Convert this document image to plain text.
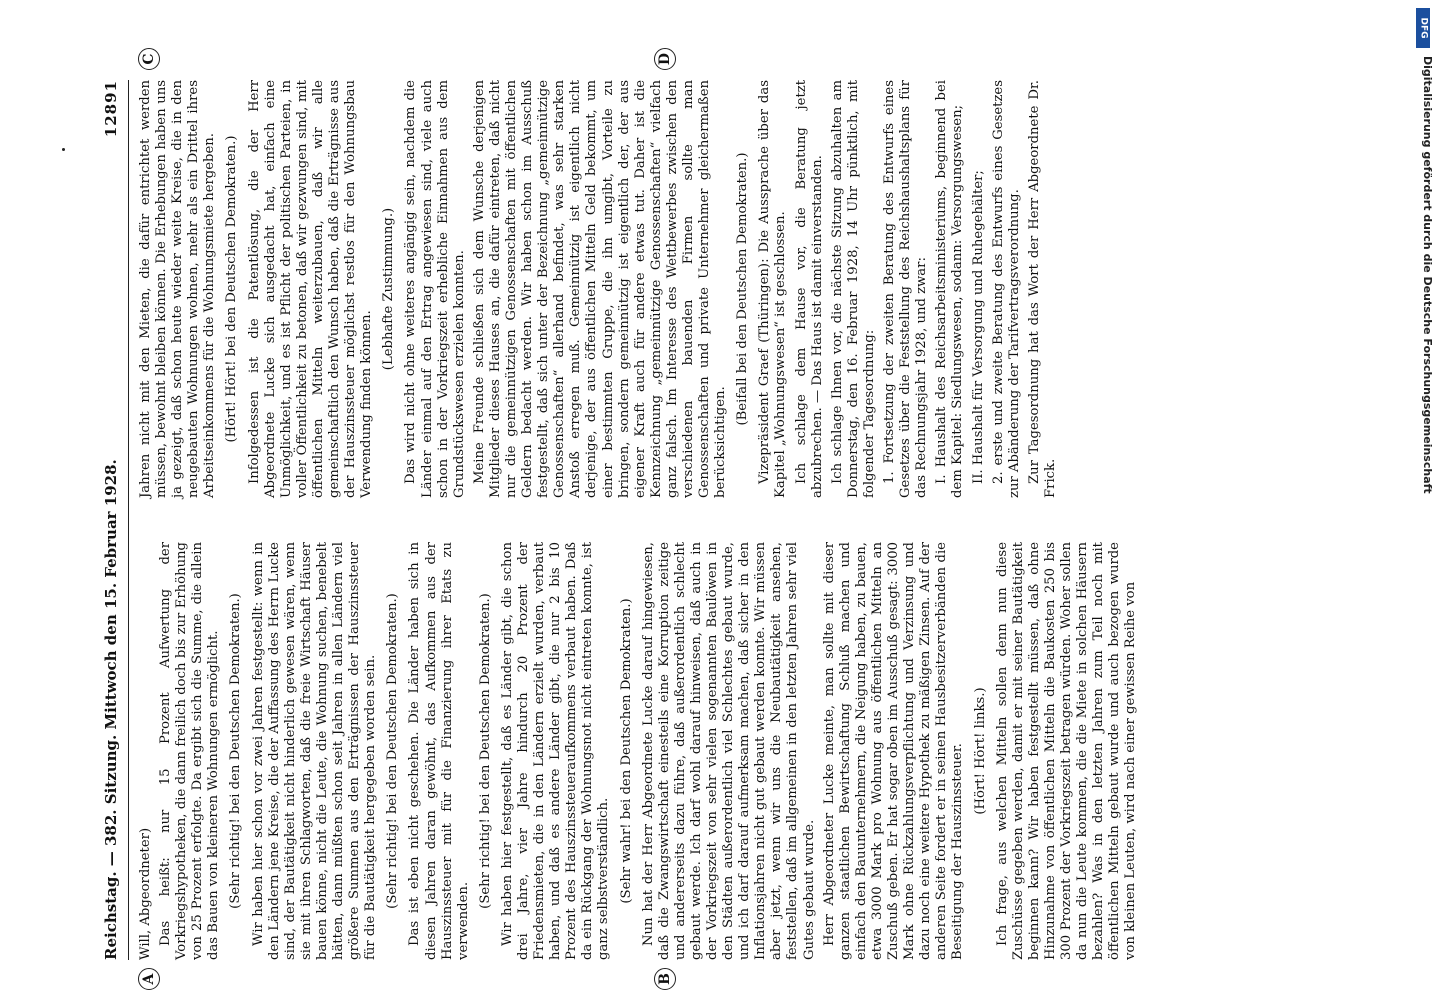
Reichstag. — 382. Sitzung. Mittwoch den 15. Februar 1928.
12891

Will, Abgeordneter) Das heißt: nur 15 Prozent Aufwertung der Vorkriegshypotheken, die dann freilich doch bis zur Erhöhung von 25 Prozent erfolgte. Da ergibt sich die Summe, die allein das Bauen von kleineren Wohnungen ermöglicht. (Sehr richtig! bei den Deutschen Demokraten.) Wir haben hier schon vor zwei Jahren festgestellt: wenn in den Ländern jene Kreise, die der Auffassung des Herrn Lucke sind, der Bautätigkeit nicht hinderlich gewesen wären, wenn sie mit ihren Schlagworten, daß die freie Wirtschaft Häuser bauen könne, nicht die Leute, die Wohnung suchen, benebelt hätten, dann müßten schon seit Jahren in allen Ländern viel größere Summen aus den Erträgnissen der Hauszinssteuer für die Bautätigkeit hergegeben worden sein. (Sehr richtig! bei den Deutschen Demokraten.) Das ist eben nicht geschehen. Die Länder haben sich in diesen Jahren daran gewöhnt, das Aufkommen aus der Hauszinssteuer mit für die Finanzierung ihrer Etats zu verwenden.

(Sehr richtig! bei den Deutschen Demokraten.) Wir haben hier festgestellt, daß es Länder gibt, die schon drei Jahre, vier Jahre hindurch 20 Prozent der Friedensmieten, die in den Ländern erzielt wurden, verbaut haben, und daß es andere Länder gibt, die nur 2 bis 10 Prozent des Hauszinssteueraufkommens verbaut haben. Daß da ein Rückgang der Wohnungsnot nicht eintreten konnte, ist ganz selbstverständlich. (Sehr wahr! bei den Deutschen Demokraten.) Nun hat der Herr Abgeordnete Lucke darauf hingewiesen, daß die Zwangswirtschaft einesteils eine Korruption zeitige und andererseits dazu führe, daß außerordentlich schlecht gebaut werde. Ich darf wohl darauf hinweisen, daß auch in der Vorkriegszeit von sehr vielen sogenannten Baulöwen in den Städten außerordentlich viel Schlechtes gebaut wurde, und ich darf darauf aufmerksam machen, daß sicher in den Inflationsjahren nicht gut gebaut werden konnte. Wir müssen aber jetzt, wenn wir uns die Neubautätigkeit ansehen, feststellen, daß im allgemeinen in den letzten Jahren sehr viel Gutes gebaut wurde. Herr Abgeordneter Lucke meinte, man sollte mit dieser ganzen staatlichen Bewirtschaftung Schluß machen und einfach den Bauunternehmern, die Neigung haben, zu bauen, etwa 3000 Mark pro Wohnung aus öffentlichen Mitteln an Zuschuß geben. Er hat sogar oben im Ausschuß gesagt: 3000 Mark ohne Rückzahlungsverpflichtung und Verzinsung und dazu noch eine weitere Hypothek zu mäßigen Zinsen. Auf der anderen Seite fordert er in seinen Hausbesitzerverbänden die Beseitigung der Hauszinssteuer. (Hört! Hört! links.) Ich frage, aus welchen Mitteln sollen denn nun diese Zuschüsse gegeben werden, damit er mit seiner Bautätigkeit beginnen kann? Wir haben festgestellt müssen, daß ohne Hinzunahme von öffentlichen Mitteln die Baukosten 250 bis 300 Prozent der Vorkriegszeit betragen würden. Woher sollen da nun die Leute kommen, die die Miete in solchen Häusern bezahlen? Was in den letzten Jahren zum Teil noch mit öffentlichen Mitteln gebaut wurde und auch bezogen wurde von kleinen Leuten, wird nach einer gewissen Reihe von

Jahren nicht mit den Mieten, die dafür entrichtet werden müssen, bewohnt bleiben können. Die Erhebungen haben uns ja gezeigt, daß schon heute wieder weite Kreise, die in den neugebauten Wohnungen wohnen, mehr als ein Drittel ihres Arbeitseinkommens für die Wohnungsmiete hergeben. (Hört! Hört! bei den Deutschen Demokraten.) Infolgedessen ist die Patentlösung, die der Herr Abgeordnete Lucke sich ausgedacht hat, einfach eine Unmöglichkeit, und es ist Pflicht der politischen Parteien, in voller Öffentlichkeit zu betonen, daß wir gezwungen sind, mit öffentlichen Mitteln weiterzubauen, daß wir alle gemeinschaftlich den Wunsch haben, daß die Erträgnisse aus der Hauszinssteuer möglichst restlos für den Wohnungsbau Verwendung finden können.

(Lebhafte Zustimmung.) Das wird nicht ohne weiteres angängig sein, nachdem die Länder einmal auf den Ertrag angewiesen sind, viele auch schon in der Vorkriegszeit erhebliche Einnahmen aus dem Grundstückswesen erzielen konnten. Meine Freunde schließen sich dem Wunsche derjenigen Mitglieder dieses Hauses an, die dafür eintreten, daß nicht nur die gemeinnützigen Genossenschaften mit öffentlichen Geldern bedacht werden. Wir haben schon im Ausschuß festgestellt, daß sich unter der Bezeichnung „gemeinnützige Genossenschaften“ allerhand befindet, was sehr starken Anstoß erregen muß. Gemeinnützig ist eigentlich nicht derjenige, der aus öffentlichen Mitteln Geld bekommt, um einer bestimmten Gruppe, die ihn umgibt, Vorteile zu bringen, sondern gemeinnützig ist eigentlich der, der aus eigener Kraft auch für andere etwas tut. Daher ist die Kennzeichnung „gemeinnützige Genossenschaften“ vielfach ganz falsch. Im Interesse des Wettbewerbes zwischen den verschiedenen bauenden Firmen sollte man Genossenschaften und private Unternehmer gleichermaßen berücksichtigen.

(Beifall bei den Deutschen Demokraten.) Vizepräsident Graef (Thüringen): Die Aussprache über das Kapitel „Wohnungswesen“ ist geschlossen. Ich schlage dem Hause vor, die Beratung jetzt abzubrechen. — Das Haus ist damit einverstanden. Ich schlage Ihnen vor, die nächste Sitzung abzuhalten am Donnerstag, den 16. Februar 1928, 14 Uhr pünktlich, mit folgender Tagesordnung: 1. Fortsetzung der zweiten Beratung des Entwurfs eines Gesetzes über die Feststellung des Reichshaushaltsplans für das Rechnungsjahr 1928, und zwar: I. Haushalt des Reichsarbeitsministeriums, beginnend bei dem Kapitel: Siedlungswesen, sodann: Versorgungswesen; II. Haushalt für Versorgung und Ruhegehälter; 2. erste und zweite Beratung des Entwurfs eines Gesetzes zur Abänderung der Tarifvertragsverordnung. Zur Tagesordnung hat das Wort der Herr Abgeordnete Dr. Frick.

A	B
C	D
DFG
Digitalisierung gefördert durch die Deutsche Forschungsgemeinschaft
